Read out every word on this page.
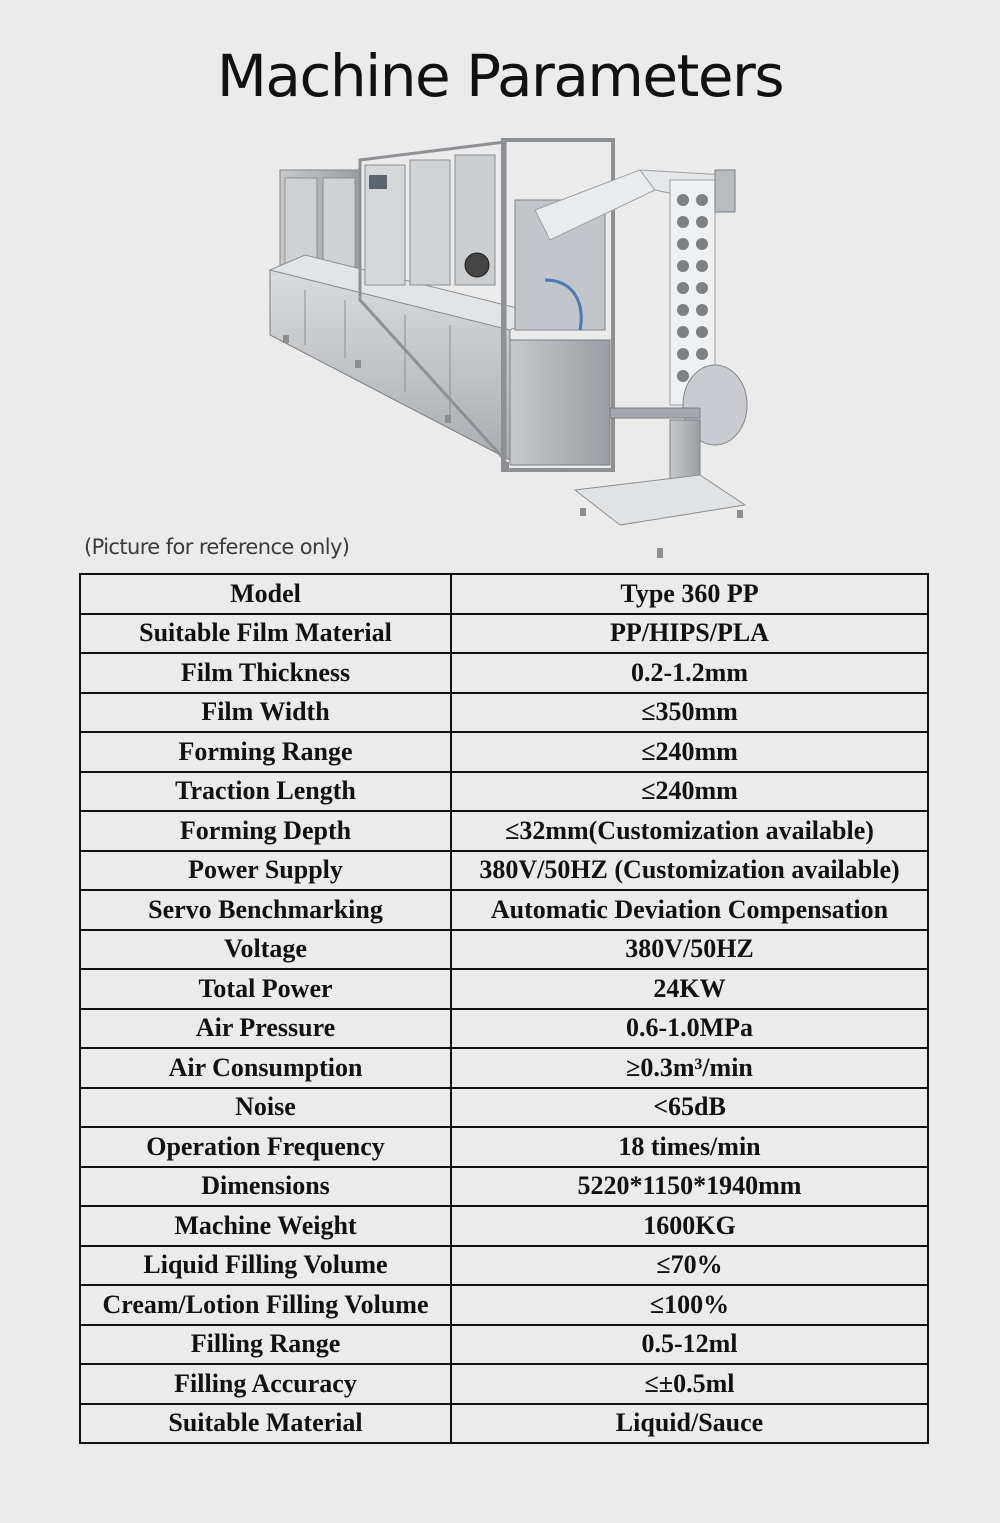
Machine Parameters
(Picture for reference only)
Model	Type 360 PP
Suitable Film Material	PP/HIPS/PLA
Film Thickness	0.2-1.2mm
Film Width	≤350mm
Forming Range	≤240mm
Traction Length	≤240mm
Forming Depth	≤32mm(Customization available)
Power Supply	380V/50HZ (Customization available)
Servo Benchmarking	Automatic Deviation Compensation
Voltage	380V/50HZ
Total Power	24KW
Air Pressure	0.6-1.0MPa
Air Consumption	≥0.3m³/min
Noise	<65dB
Operation Frequency	18 times/min
Dimensions	5220*1150*1940mm
Machine Weight	1600KG
Liquid Filling Volume	≤70%
Cream/Lotion Filling Volume	≤100%
Filling Range	0.5-12ml
Filling Accuracy	≤±0.5ml
Suitable Material	Liquid/Sauce
